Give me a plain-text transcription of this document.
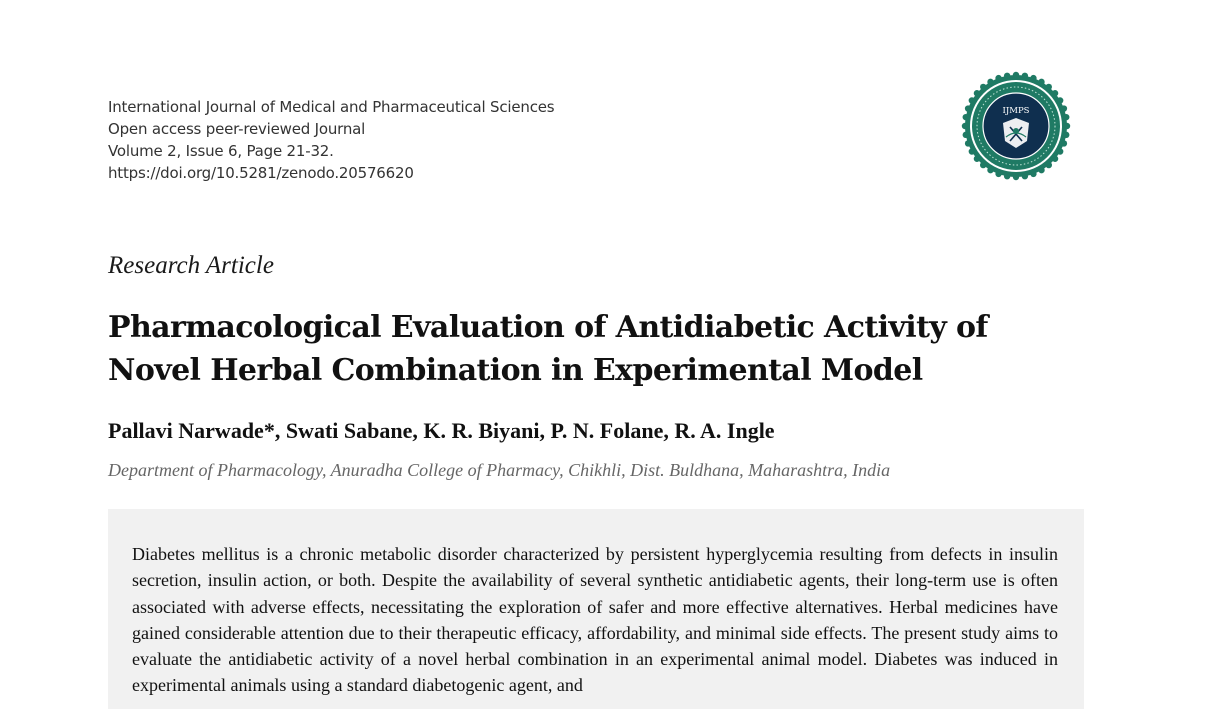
International Journal of Medical and Pharmaceutical Sciences
Open access peer-reviewed Journal
Volume 2, Issue 6, Page 21-32.
https://doi.org/10.5281/zenodo.20576620
IJMPS
Research Article
Pharmacological Evaluation of Antidiabetic Activity of Novel Herbal Combination in Experimental Model
Pallavi Narwade*, Swati Sabane, K. R. Biyani, P. N. Folane, R. A. Ingle
Department of Pharmacology, Anuradha College of Pharmacy, Chikhli, Dist. Buldhana, Maharashtra, India

Diabetes mellitus is a chronic metabolic disorder characterized by persistent hyperglycemia resulting from defects in insulin secretion, insulin action, or both. Despite the availability of several synthetic antidiabetic agents, their long-term use is often associated with adverse effects, necessitating the exploration of safer and more effective alternatives. Herbal medicines have gained considerable attention due to their therapeutic efficacy, affordability, and minimal side effects. The present study aims to evaluate the antidiabetic activity of a novel herbal combination in an experimental animal model. Diabetes was induced in experimental animals using a standard diabetogenic agent, and
